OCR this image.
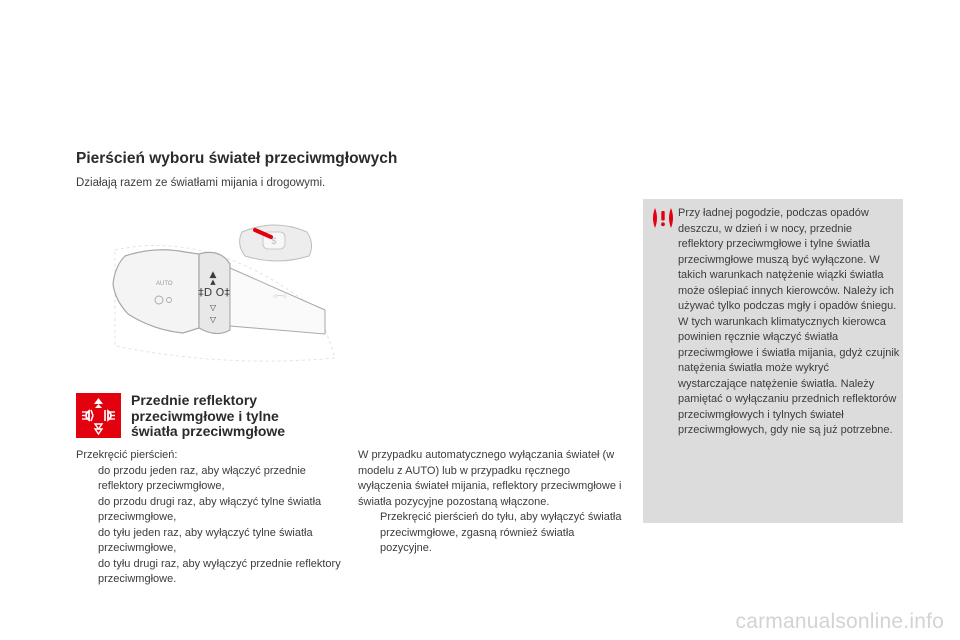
Pierścień wyboru świateł przeciwmgłowych

Działają razem ze światłami mijania i drogowymi.

$
AUTO
·○─○
▲
▲
‡D O‡
▽
▽
Przednie reflektory
przeciwmgłowe i tylne
światła przeciwmgłowe

Przekręcić pierścień:

do przodu jeden raz, aby włączyć przednie reflektory przeciwmgłowe,
do przodu drugi raz, aby włączyć tylne światła przeciwmgłowe,
do tyłu jeden raz, aby wyłączyć tylne światła przeciwmgłowe,
do tyłu drugi raz, aby wyłączyć przednie reflektory przeciwmgłowe.

W przypadku automatycznego wyłączania świateł (w modelu z AUTO) lub w przypadku ręcznego wyłączenia świateł mijania, reflektory przeciwmgłowe i światła pozycyjne pozostaną włączone.

Przekręcić pierścień do tyłu, aby wyłączyć światła przeciwmgłowe, zgasną również światła pozycyjne.

Przy ładnej pogodzie, podczas opadów deszczu, w dzień i w nocy, przednie reflektory przeciwmgłowe i tylne światła przeciwmgłowe muszą być wyłączone. W takich warunkach natężenie wiązki światła może oślepiać innych kierowców. Należy ich używać tylko podczas mgły i opadów śniegu. W tych warunkach klimatycznych kierowca powinien ręcznie włączyć światła przeciwmgłowe i światła mijania, gdyż czujnik natężenia światła może wykryć wystarczające natężenie światła. Należy pamiętać o wyłączaniu przednich reflektorów przeciwmgłowych i tylnych świateł przeciwmgłowych, gdy nie są już potrzebne.

carmanualsonline.info
